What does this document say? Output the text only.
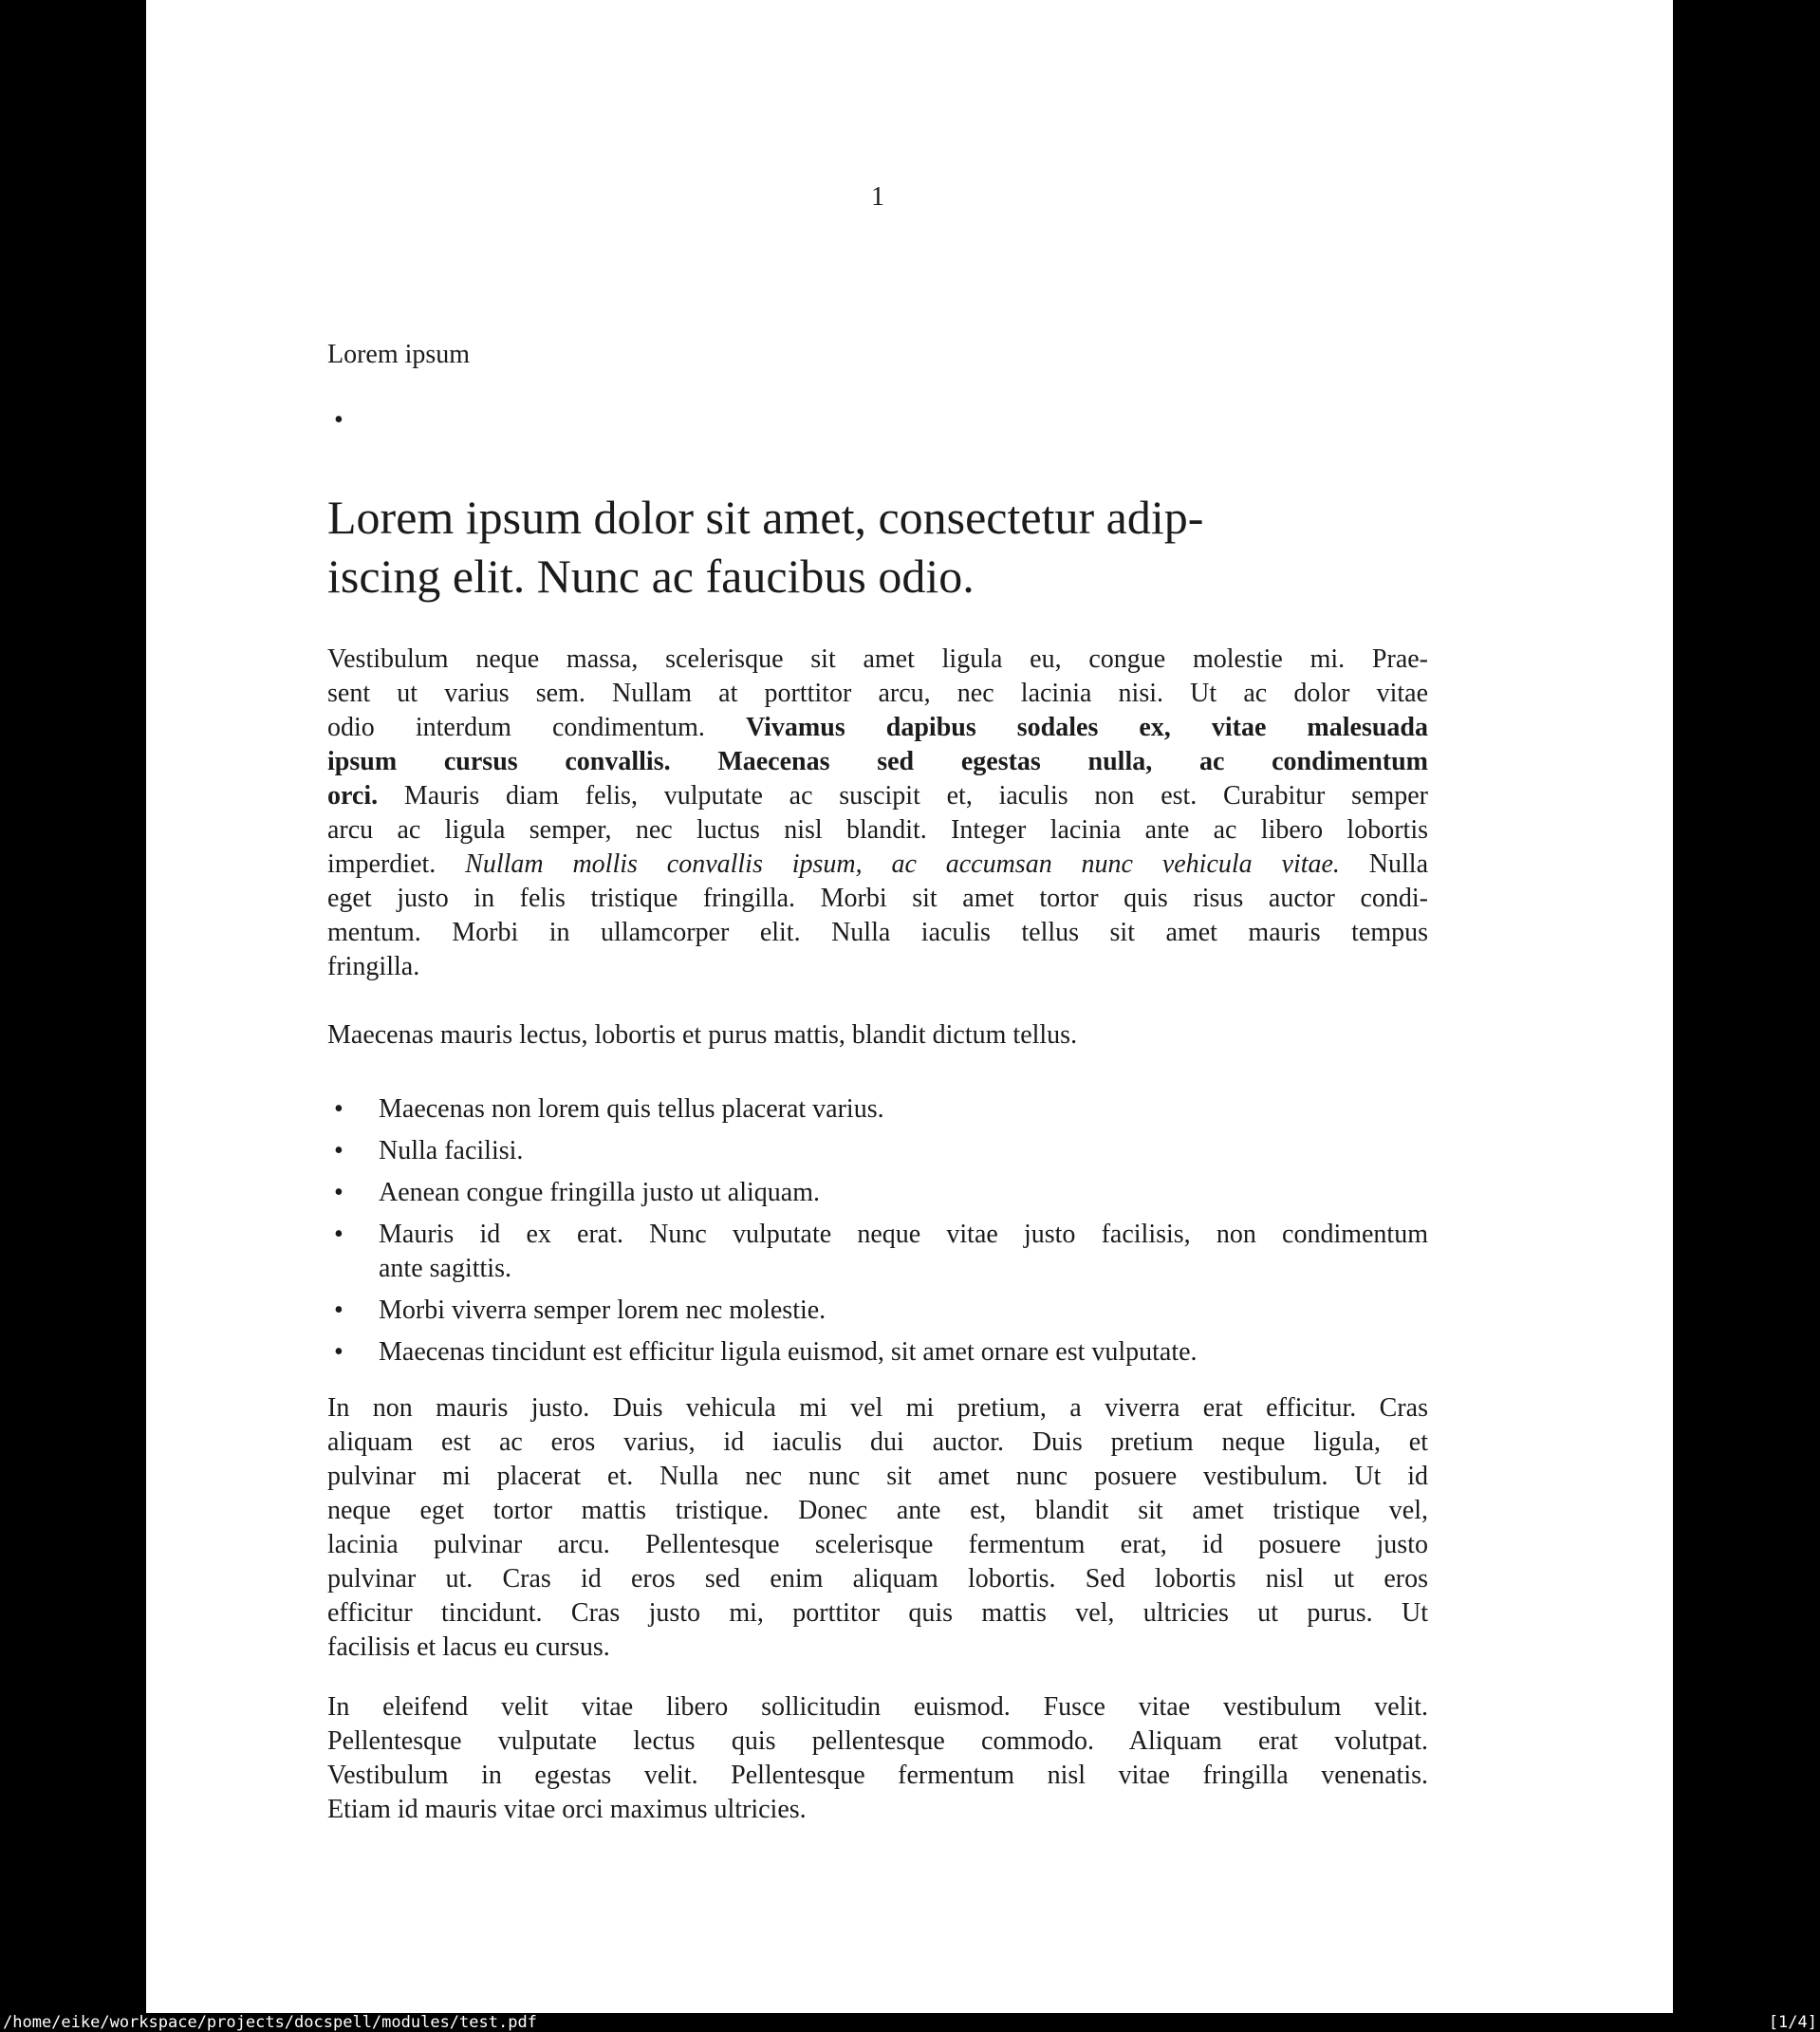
1
Lorem ipsum
•
Lorem ipsum dolor sit amet, consectetur adip-
iscing elit. Nunc ac faucibus odio.
Vestibulum neque massa, scelerisque sit amet ligula eu, congue molestie mi. Prae-
sent ut varius sem. Nullam at porttitor arcu, nec lacinia nisi. Ut ac dolor vitae
odio interdum condimentum. Vivamus dapibus sodales ex, vitae malesuada
ipsum cursus convallis. Maecenas sed egestas nulla, ac condimentum
orci. Mauris diam felis, vulputate ac suscipit et, iaculis non est. Curabitur semper
arcu ac ligula semper, nec luctus nisl blandit. Integer lacinia ante ac libero lobortis
imperdiet. Nullam mollis convallis ipsum, ac accumsan nunc vehicula vitae. Nulla
eget justo in felis tristique fringilla. Morbi sit amet tortor quis risus auctor condi-
mentum. Morbi in ullamcorper elit. Nulla iaculis tellus sit amet mauris tempus
fringilla.
Maecenas mauris lectus, lobortis et purus mattis, blandit dictum tellus.
• Maecenas non lorem quis tellus placerat varius.
• Nulla facilisi.
• Aenean congue fringilla justo ut aliquam.
• Mauris id ex erat. Nunc vulputate neque vitae justo facilisis, non condimentum
ante sagittis.
• Morbi viverra semper lorem nec molestie.
• Maecenas tincidunt est efficitur ligula euismod, sit amet ornare est vulputate.
In non mauris justo. Duis vehicula mi vel mi pretium, a viverra erat efficitur. Cras
aliquam est ac eros varius, id iaculis dui auctor. Duis pretium neque ligula, et
pulvinar mi placerat et. Nulla nec nunc sit amet nunc posuere vestibulum. Ut id
neque eget tortor mattis tristique. Donec ante est, blandit sit amet tristique vel,
lacinia pulvinar arcu. Pellentesque scelerisque fermentum erat, id posuere justo
pulvinar ut. Cras id eros sed enim aliquam lobortis. Sed lobortis nisl ut eros
efficitur tincidunt. Cras justo mi, porttitor quis mattis vel, ultricies ut purus. Ut
facilisis et lacus eu cursus.
In eleifend velit vitae libero sollicitudin euismod. Fusce vitae vestibulum velit.
Pellentesque vulputate lectus quis pellentesque commodo. Aliquam erat volutpat.
Vestibulum in egestas velit. Pellentesque fermentum nisl vitae fringilla venenatis.
Etiam id mauris vitae orci maximus ultricies.
/home/eike/workspace/projects/docspell/modules/test.pdf	[1/4]
